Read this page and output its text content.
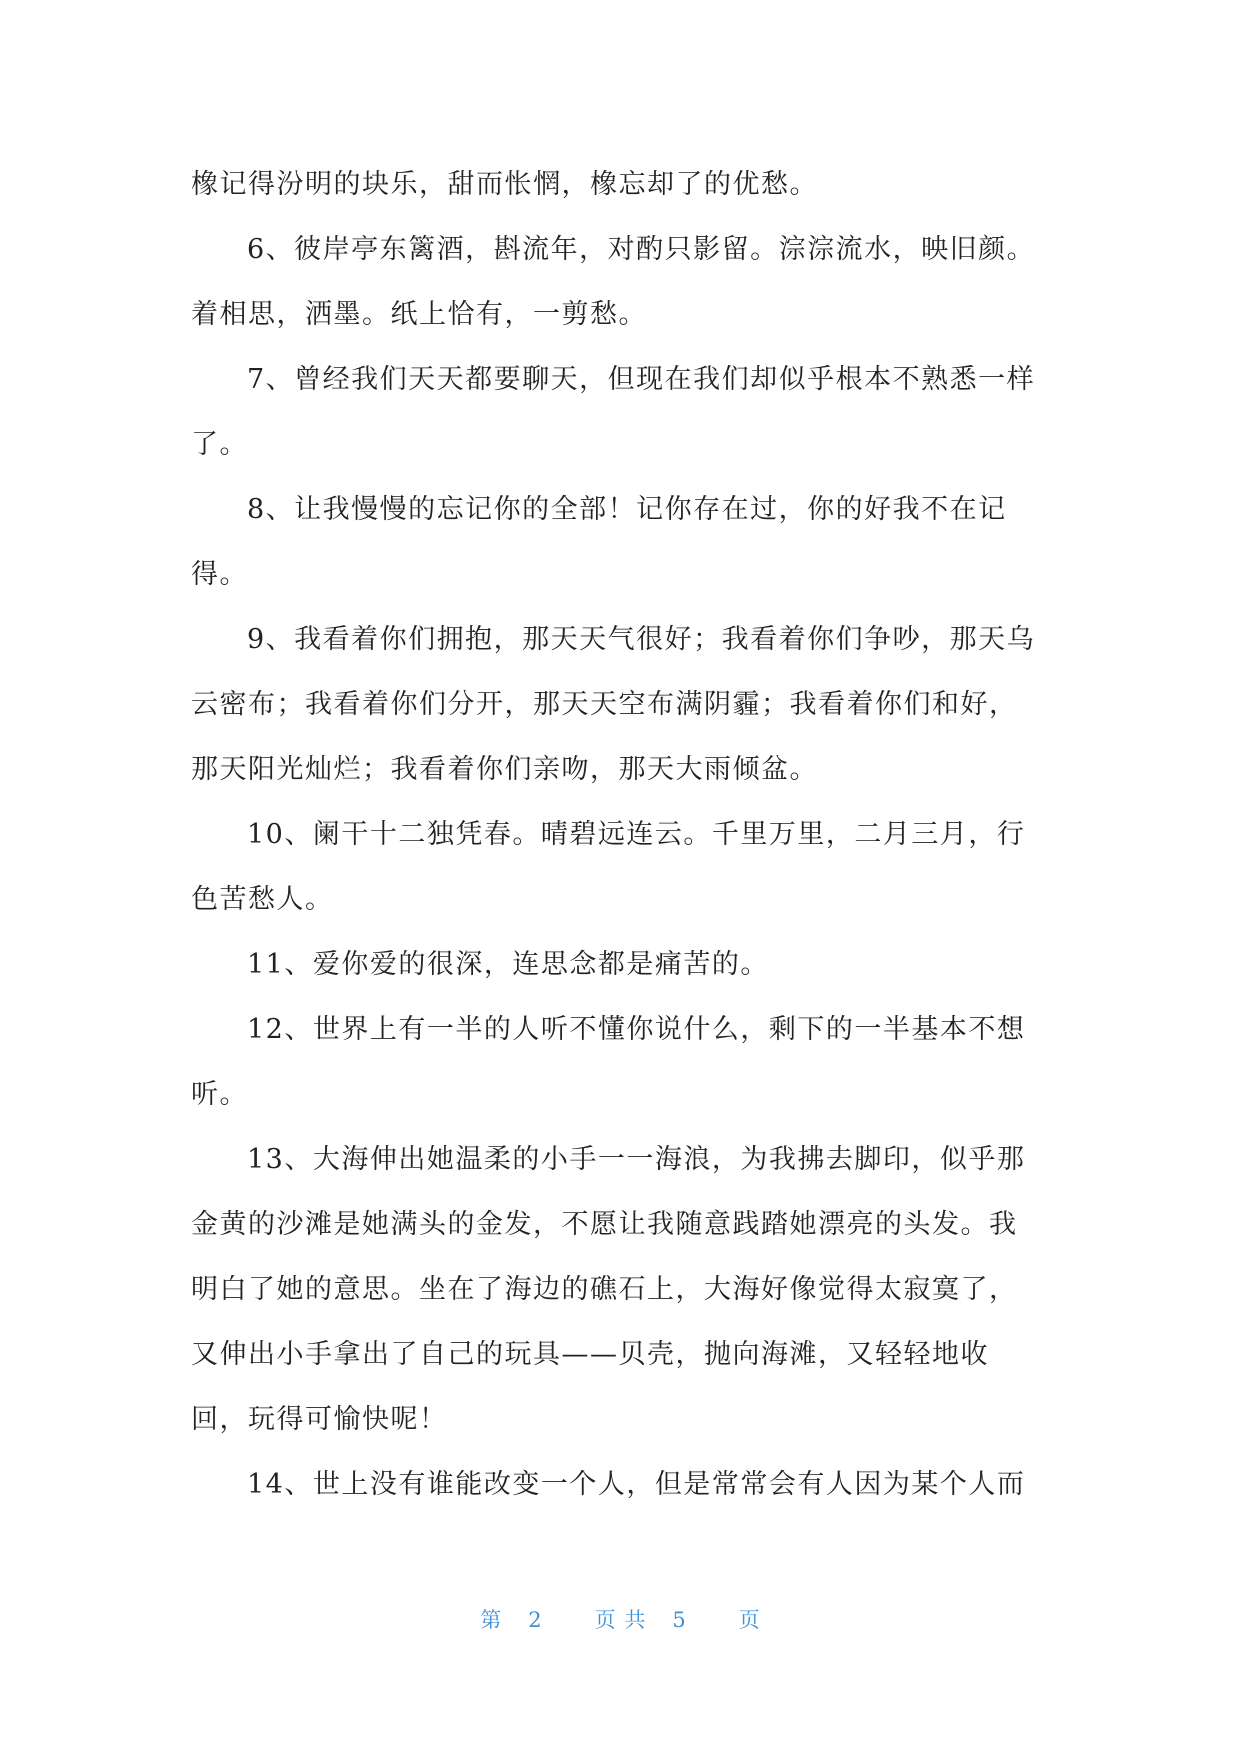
橡记得汾明的块乐，甜而怅惘，橡忘却了的优愁。
6、彼岸亭东篱酒，斟流年，对酌只影留。淙淙流水，映旧颜。
着相思，洒墨。纸上恰有，一剪愁。
7、曾经我们天天都要聊天，但现在我们却似乎根本不熟悉一样
了。
8、让我慢慢的忘记你的全部！记你存在过，你的好我不在记
得。
9、我看着你们拥抱，那天天气很好；我看着你们争吵，那天乌
云密布；我看着你们分开，那天天空布满阴霾；我看着你们和好，
那天阳光灿烂；我看着你们亲吻，那天大雨倾盆。
10、阑干十二独凭春。晴碧远连云。千里万里，二月三月，行
色苦愁人。
11、爱你爱的很深，连思念都是痛苦的。
12、世界上有一半的人听不懂你说什么，剩下的一半基本不想
听。
13、大海伸出她温柔的小手一一海浪，为我拂去脚印，似乎那
金黄的沙滩是她满头的金发，不愿让我随意践踏她漂亮的头发。我
明白了她的意思。坐在了海边的礁石上，大海好像觉得太寂寞了，
又伸出小手拿出了自己的玩具——贝壳，抛向海滩，又轻轻地收
回，玩得可愉快呢！
14、世上没有谁能改变一个人，但是常常会有人因为某个人而
第 2 页 共 5 页
